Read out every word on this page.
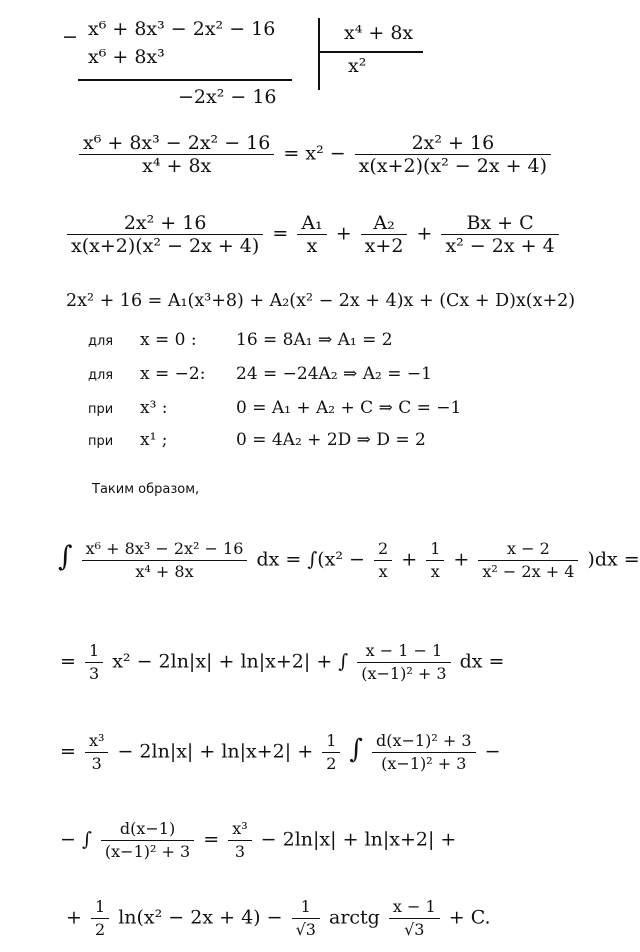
− x⁶ + 8x³ − 2x² − 16
x⁶ + 8x³
−2x² − 16
x⁴ + 8x
x²
$\frac{\text{x⁶ + 8x³ − 2x² − 16}}{\text{x⁴ + 8x}} = x^2 - \frac{\text{2x² + 16}}{\text{x(x+2)(x² − 2x + 4)}}$
$\frac{\text{2x² + 16}}{\text{x(x+2)(x² − 2x + 4)}} = \frac{\text{A₁}}{x} + \frac{\text{A₂}}{x+2} + \frac{Bx + C}{\text{x² − 2x + 4}}$
2x² + 16 = A₁(x³+8) + A₂(x² − 2x + 4)x + (Cx + D)x(x+2)
для x = 0 : 16 = 8A₁ ⇒ A₁ = 2
для x = −2: 24 = −24A₂ ⇒ A₂ = −1
при x³ :	0 = A₁ + A₂ + C ⇒ C = −1
при x¹ ;	0 = 4A₂ + 2D ⇒ D = 2
Таким образом,
∫ $\frac{\text{x⁶ + 8x³ − 2x² − 16}}{\text{x⁴ + 8x}}$ dx = $\int(x^2 - \frac{2}{x} + \frac{1}{x} + \frac{x - 2}{\text{x² − 2x + 4}} )dx$ =
= $\frac{1}{3} x^2 - 2\ln|x| + \ln|x+2|$ + ∫ $\frac{x - 1 - 1}{\text{(x−1)² + 3}}$ dx =
= $\frac{\text{x³}}{3} - 2\ln|x| + \ln|x+2| + \frac{1}{2}$ ∫ $\frac{\text{d(x−1)² + 3}}{\text{(x−1)² + 3}}$ −
− ∫ $\frac{d(x-1)}{\text{(x−1)² + 3}} = \frac{\text{x³}}{3} - 2\ln|x| + \ln|x+2|$ +
+ $\frac{1}{2} \ln(x^2 - 2x + 4) - \frac{1}{√3}$ arctg $\frac{x - 1}{√3} + C$.
